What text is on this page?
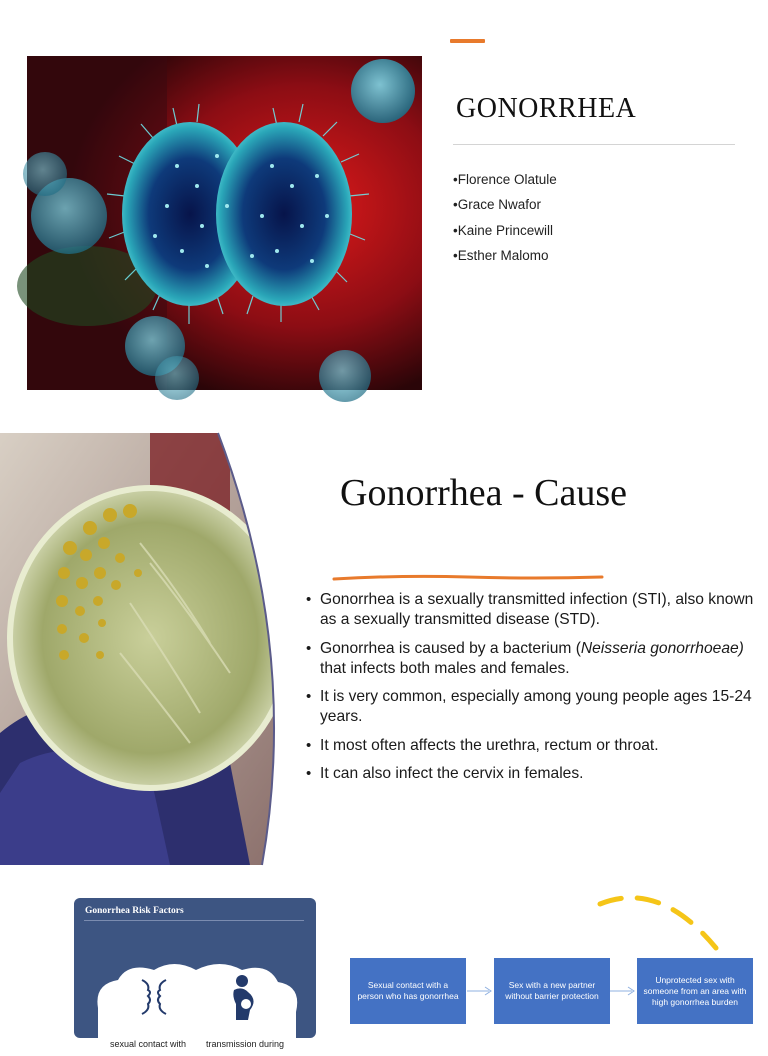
GONORRHEA
•Florence Olatule
•Grace Nwafor
•Kaine Princewill
•Esther Malomo
Gonorrhea - Cause
• Gonorrhea is a sexually transmitted infection (STI), also known as a sexually transmitted disease (STD).
• Gonorrhea is caused by a bacterium (Neisseria gonorrhoeae) that infects both males and females.
• It is very common, especially among young people ages 15-24 years.
• It most often affects the urethra, rectum or throat.
• It can also infect the cervix in females.
Gonorrhea Risk Factors
sexual contact with transmission during
Sexual contact with a person who has gonorrhea
Sex with a new partner without barrier protection
Unprotected sex with someone from an area with high gonorrhea burden
